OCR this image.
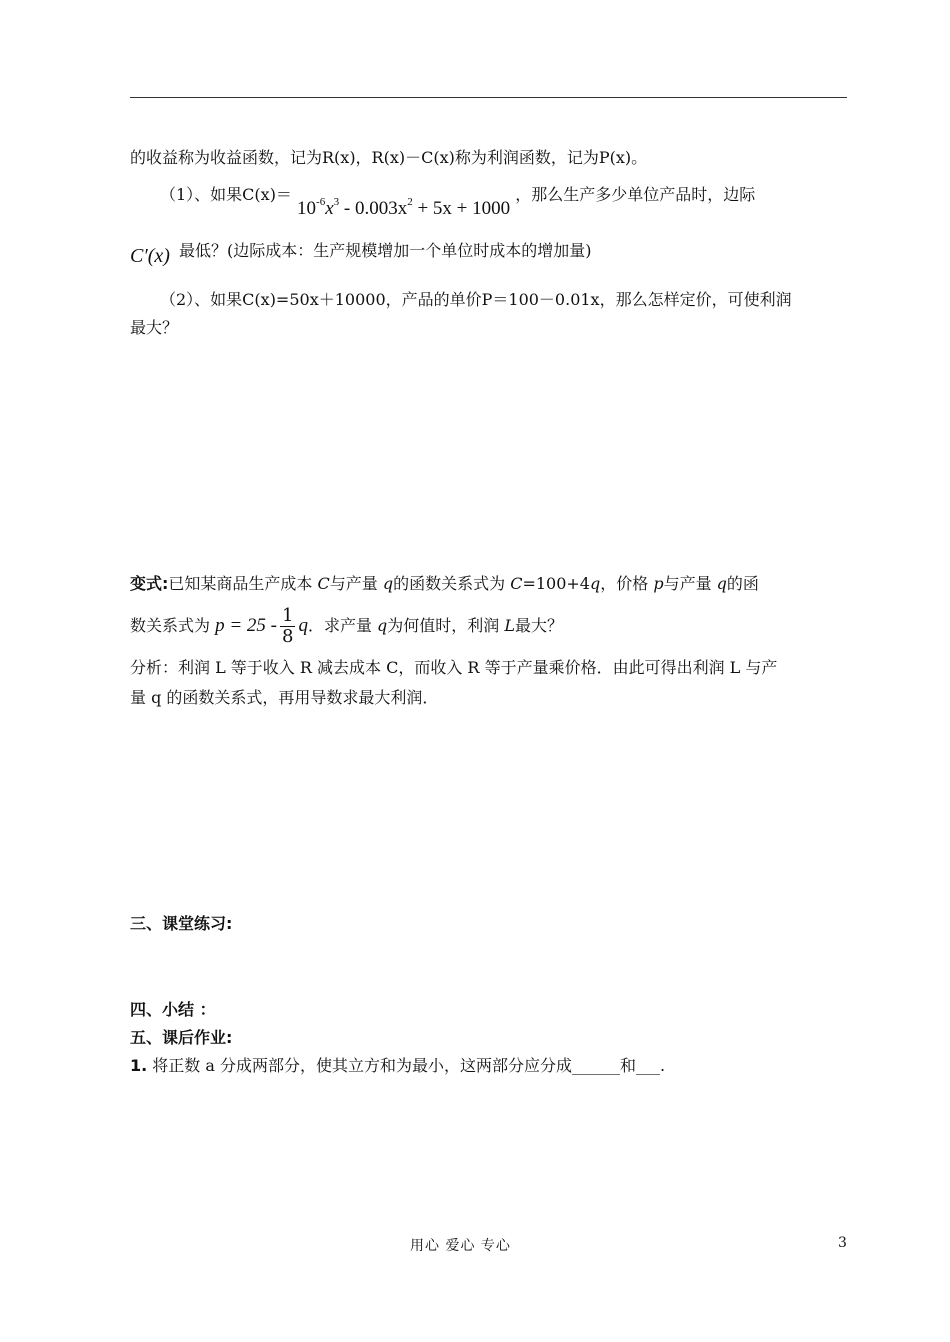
的收益称为收益函数，记为R(x)，R(x)－C(x)称为利润函数，记为P(x)。
（1）、如果$C(x)= 10^{-6}x^3 - 0.003x^2 + 5x + 1000$ ，那么生产多少单位产品时，边际
C′(x) 最低？(边际成本：生产规模增加一个单位时成本的增加量)
（2）、如果C(x)=50x＋10000，产品的单价P＝100－0.01x，那么怎样定价，可使利润
最大？
变式:已知某商品生产成本 C与产量 q的函数关系式为 C=100+4q，价格 p与产量 q的函
数关系式为 $p = 25 - \frac{1}{8}$ q．求产量 q为何值时，利润 L最大？
分析：利润 L 等于收入 R 减去成本 C，而收入 R 等于产量乘价格．由此可得出利润 L 与产
量 q 的函数关系式，再用导数求最大利润．
三、课堂练习:
四、小结 ：
五、课后作业:
1. 将正数 a 分成两部分，使其立方和为最小，这两部分应分成______和___.
用心 爱心 专心	3
